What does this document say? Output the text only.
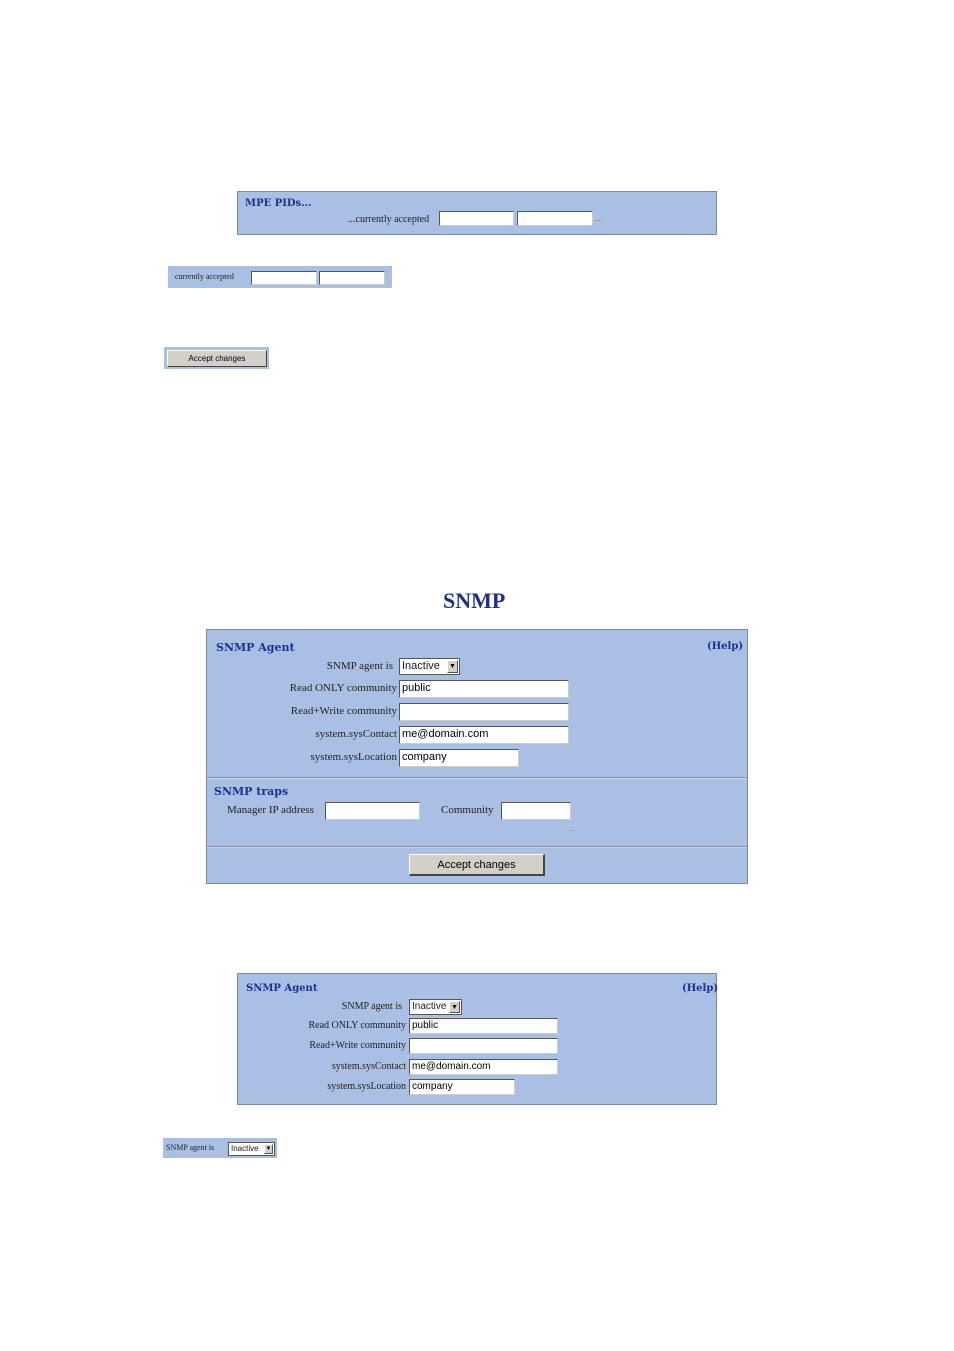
MPE PIDs...
...currently accepted	...
currently accepted
Accept changes
SNMP
SNMP Agent	(Help)
SNMP agent is Inactive ▼
Read ONLY community public
Read+Write community
system.sysContact me@domain.com
system.sysLocation company
SNMP traps
Manager IP address	Community
...
Accept changes
SNMP Agent	(Help)
SNMP agent is	Inactive ▼
Read ONLY community public
Read+Write community
system.sysContact me@domain.com
system.sysLocation company
SNMP agent is	Inactive ▼
